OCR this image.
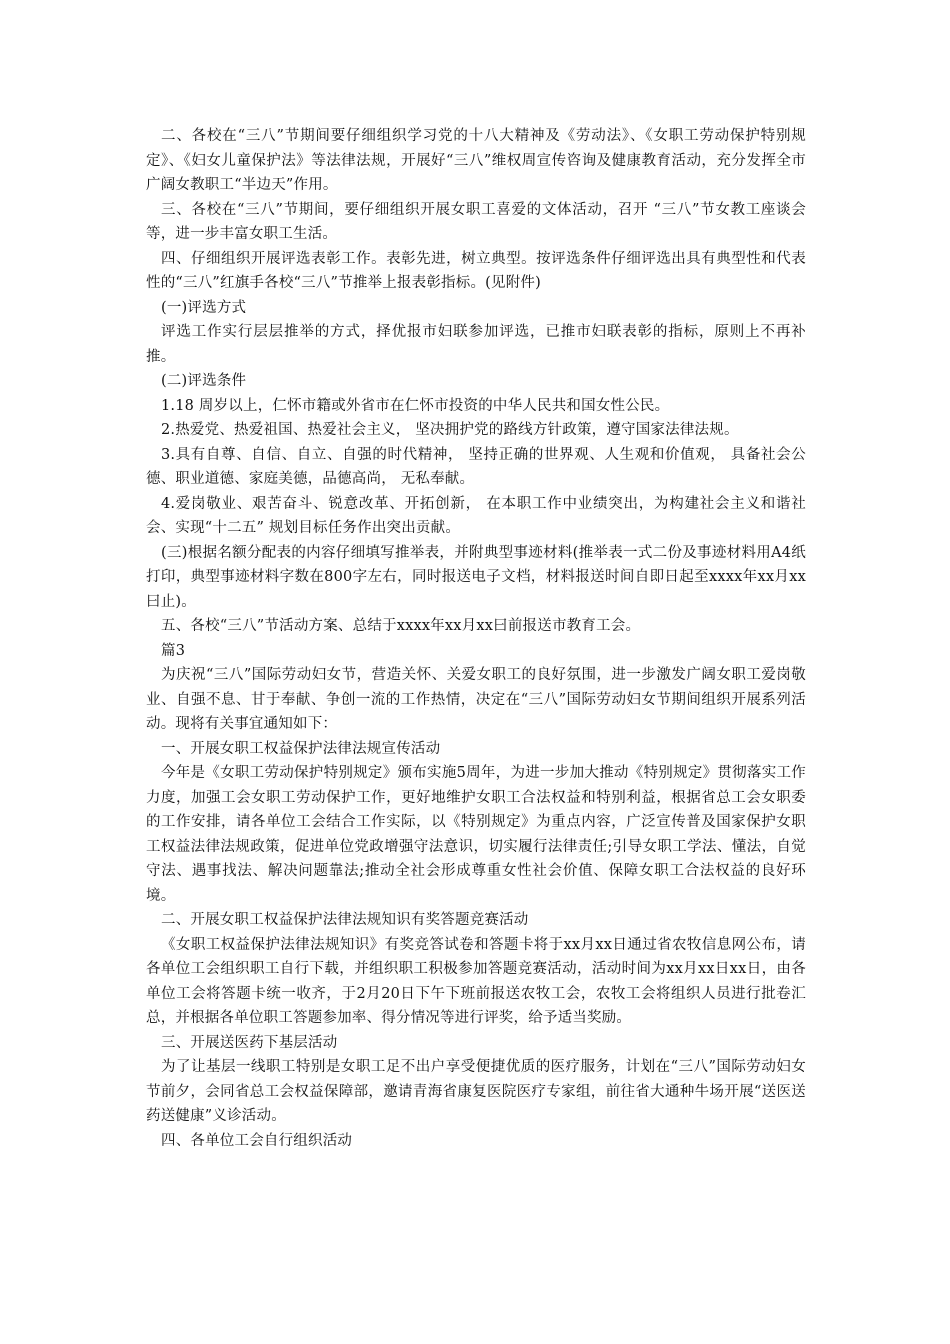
二、各校在“三八”节期间要仔细组织学习党的十八大精神及《劳动法》、《女职工劳动保护特别规定》、《妇女儿童保护法》等法律法规，开展好“三八”维权周宣传咨询及健康教育活动，充分发挥全市广阔女教职工“半边天”作用。

三、各校在“三八”节期间，要仔细组织开展女职工喜爱的文体活动，召开 “三八”节女教工座谈会等，进一步丰富女职工生活。

四、仔细组织开展评选表彰工作。表彰先进，树立典型。按评选条件仔细评选出具有典型性和代表性的“三八”红旗手各校“三八”节推举上报表彰指标。(见附件)

(一)评选方式

评选工作实行层层推举的方式，择优报市妇联参加评选，已推市妇联表彰的指标，原则上不再补推。

(二)评选条件

1.18 周岁以上，仁怀市籍或外省市在仁怀市投资的中华人民共和国女性公民。

2.热爱党、热爱祖国、热爱社会主义， 坚决拥护党的路线方针政策，遵守国家法律法规。

3.具有自尊、自信、自立、自强的时代精神， 坚持正确的世界观、人生观和价值观， 具备社会公德、职业道德、家庭美德，品德高尚， 无私奉献。

4.爱岗敬业、艰苦奋斗、锐意改革、开拓创新， 在本职工作中业绩突出，为构建社会主义和谐社会、实现“十二五” 规划目标任务作出突出贡献。

(三)根据名额分配表的内容仔细填写推举表，并附典型事迹材料(推举表一式二份及事迹材料用A4纸打印，典型事迹材料字数在800字左右，同时报送电子文档，材料报送时间自即日起至xxxx年xx月xx曰止)。

五、各校“三八”节活动方案、总结于xxxx年xx月xx曰前报送市教育工会。

篇3

为庆祝“三八”国际劳动妇女节，营造关怀、关爱女职工的良好氛围，进一步激发广阔女职工爱岗敬业、自强不息、甘于奉献、争创一流的工作热情，决定在“三八”国际劳动妇女节期间组织开展系列活动。现将有关事宜通知如下：

一、开展女职工权益保护法律法规宣传活动

今年是《女职工劳动保护特别规定》颁布实施5周年，为进一步加大推动《特别规定》贯彻落实工作力度，加强工会女职工劳动保护工作，更好地维护女职工合法权益和特别利益，根据省总工会女职委的工作安排，请各单位工会结合工作实际，以《特别规定》为重点内容，广泛宣传普及国家保护女职工权益法律法规政策，促进单位党政增强守法意识，切实履行法律责任;引导女职工学法、懂法，自觉守法、遇事找法、解决问题靠法;推动全社会形成尊重女性社会价值、保障女职工合法权益的良好环境。

二、开展女职工权益保护法律法规知识有奖答题竞赛活动

《女职工权益保护法律法规知识》有奖竞答试卷和答题卡将于xx月xx日通过省农牧信息网公布，请各单位工会组织职工自行下载，并组织职工积极参加答题竞赛活动，活动时间为xx月xx日xx日，由各单位工会将答题卡统一收齐，于2月20日下午下班前报送农牧工会，农牧工会将组织人员进行批卷汇总，并根据各单位职工答题参加率、得分情况等进行评奖，给予适当奖励。

三、开展送医药下基层活动

为了让基层一线职工特别是女职工足不出户享受便捷优质的医疗服务，计划在“三八”国际劳动妇女节前夕，会同省总工会权益保障部，邀请青海省康复医院医疗专家组，前往省大通种牛场开展“送医送药送健康”义诊活动。

四、各单位工会自行组织活动
